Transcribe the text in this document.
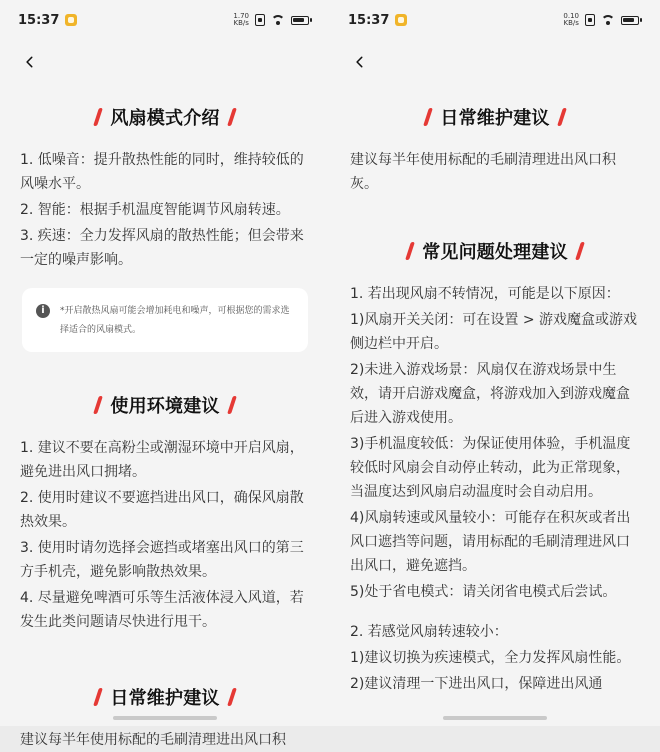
15:37	1.70
KB/s
风扇模式介绍

1. 低噪音：提升散热性能的同时，维持较低的风噪水平。

2. 智能：根据手机温度智能调节风扇转速。

3. 疾速：全力发挥风扇的散热性能；但会带来一定的噪声影响。

i	*开启散热风扇可能会增加耗电和噪声，可根据您的需求选择适合的风扇模式。
使用环境建议

1. 建议不要在高粉尘或潮湿环境中开启风扇，避免进出风口拥堵。

2. 使用时建议不要遮挡进出风口，确保风扇散热效果。

3. 使用时请勿选择会遮挡或堵塞出风口的第三方手机壳，避免影响散热效果。

4. 尽量避免啤酒可乐等生活液体浸入风道，若发生此类问题请尽快进行甩干。

日常维护建议

建议每半年使用标配的毛刷清理进出风口积

15:37	0.10
KB/s
日常维护建议

建议每半年使用标配的毛刷清理进出风口积灰。

常见问题处理建议

1. 若出现风扇不转情况，可能是以下原因：

1)风扇开关关闭：可在设置 > 游戏魔盒或游戏侧边栏中开启。

2)未进入游戏场景：风扇仅在游戏场景中生效，请开启游戏魔盒，将游戏加入到游戏魔盒后进入游戏使用。

3)手机温度较低：为保证使用体验，手机温度较低时风扇会自动停止转动，此为正常现象，当温度达到风扇启动温度时会自动启用。

4)风扇转速或风量较小：可能存在积灰或者出风口遮挡等问题，请用标配的毛刷清理进风口出风口，避免遮挡。

5)处于省电模式：请关闭省电模式后尝试。

2. 若感觉风扇转速较小：

1)建议切换为疾速模式，全力发挥风扇性能。

2)建议清理一下进出风口，保障进出风通
